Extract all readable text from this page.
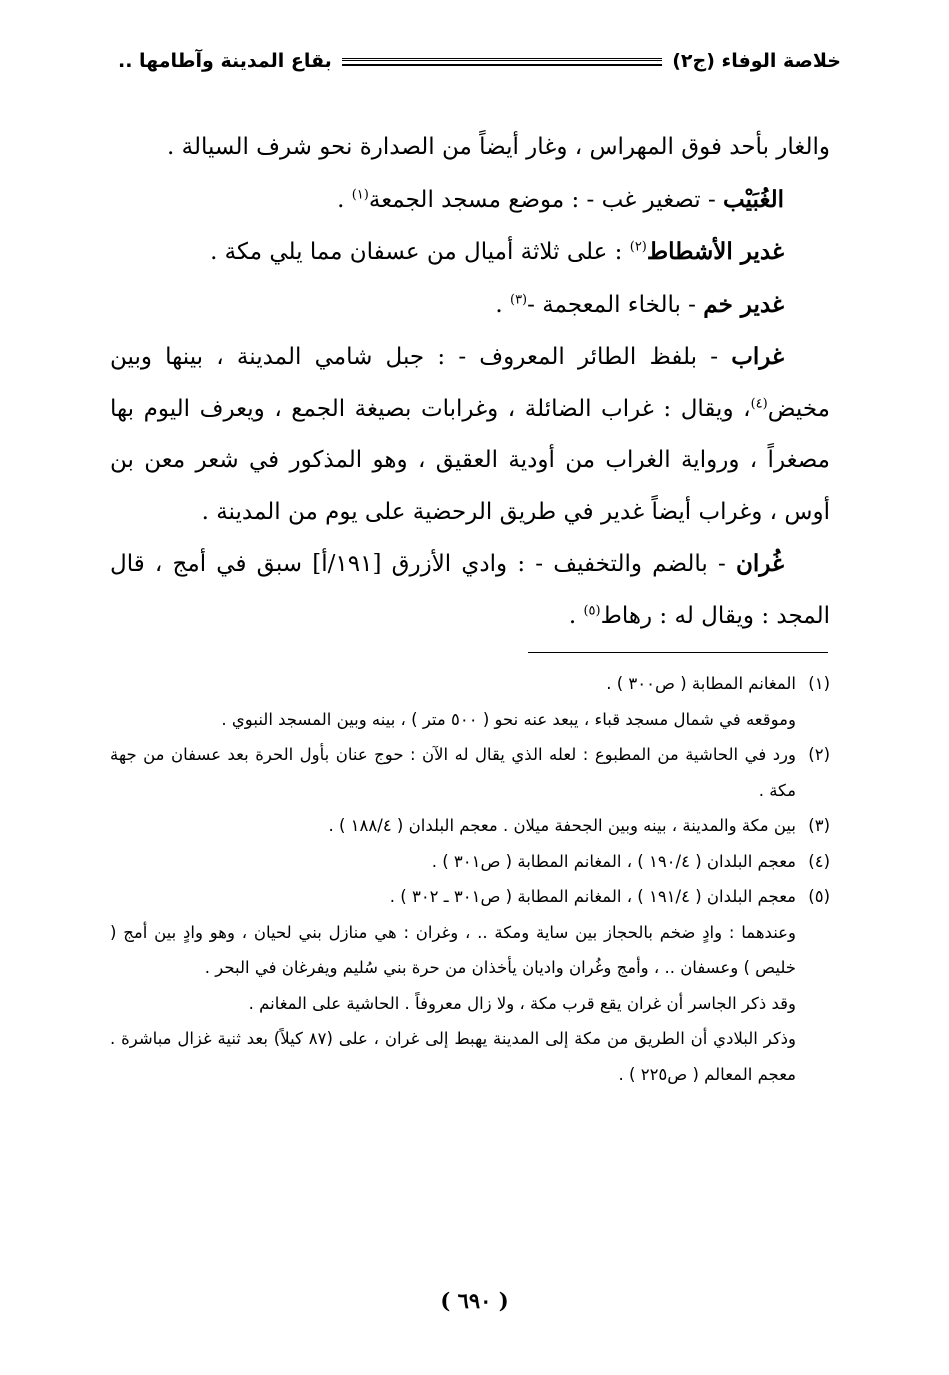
خلاصة الوفاء (ج٢)
بقاع المدينة وآطامها ..

والغار بأحد فوق المهراس ، وغار أيضاً من الصدارة نحو شرف السيالة .

الغُبَيْب - تصغير غب - : موضع مسجد الجمعة$^{(١)}$ .

غدير الأشطاط$^{(٢)}$ : على ثلاثة أميال من عسفان مما يلي مكة .

غدير خم - بالخاء المعجمة -$^{(٣)}$ .

غراب - بلفظ الطائر المعروف - : جبل شامي المدينة ، بينها وبين مخيض$^{(٤)}$، ويقال : غراب الضائلة ، وغرابات بصيغة الجمع ، ويعرف اليوم بها مصغراً ، ورواية الغراب من أودية العقيق ، وهو المذكور في شعر معن بن أوس ، وغراب أيضاً غدير في طريق الرحضية على يوم من المدينة .

غُران - بالضم والتخفيف - : وادي الأزرق [١٩١/أ] سبق في أمج ، قال المجد : ويقال له : رهاط$^{(٥)}$ .

(١)

المغانم المطابة ( ص٣٠٠ ) .

وموقعه في شمال مسجد قباء ، يبعد عنه نحو ( ٥٠٠ متر ) ، بينه وبين المسجد النبوي .

(٢)

ورد في الحاشية من المطبوع : لعله الذي يقال له الآن : حوج عنان بأول الحرة بعد عسفان من جهة مكة .

(٣)

بين مكة والمدينة ، بينه وبين الجحفة ميلان . معجم البلدان ( ١٨٨/٤ ) .

(٤)

معجم البلدان ( ١٩٠/٤ ) ، المغانم المطابة ( ص٣٠١ ) .

(٥)

معجم البلدان ( ١٩١/٤ ) ، المغانم المطابة ( ص٣٠١ ـ ٣٠٢ ) .

وعندهما : وادٍ ضخم بالحجاز بين ساية ومكة .. ، وغران : هي منازل بني لحيان ، وهو وادٍ بين أمج ( خليص ) وعسفان .. ، وأمج وغُران واديان يأخذان من حرة بني سُليم ويفرغان في البحر .

وقد ذكر الجاسر أن غران يقع قرب مكة ، ولا زال معروفاً . الحاشية على المغانم .

وذكر البلادي أن الطريق من مكة إلى المدينة يهبط إلى غران ، على (٨٧ كيلاً) بعد ثنية غزال مباشرة . معجم المعالم ( ص٢٢٥ ) .

( ٦٩٠ )
